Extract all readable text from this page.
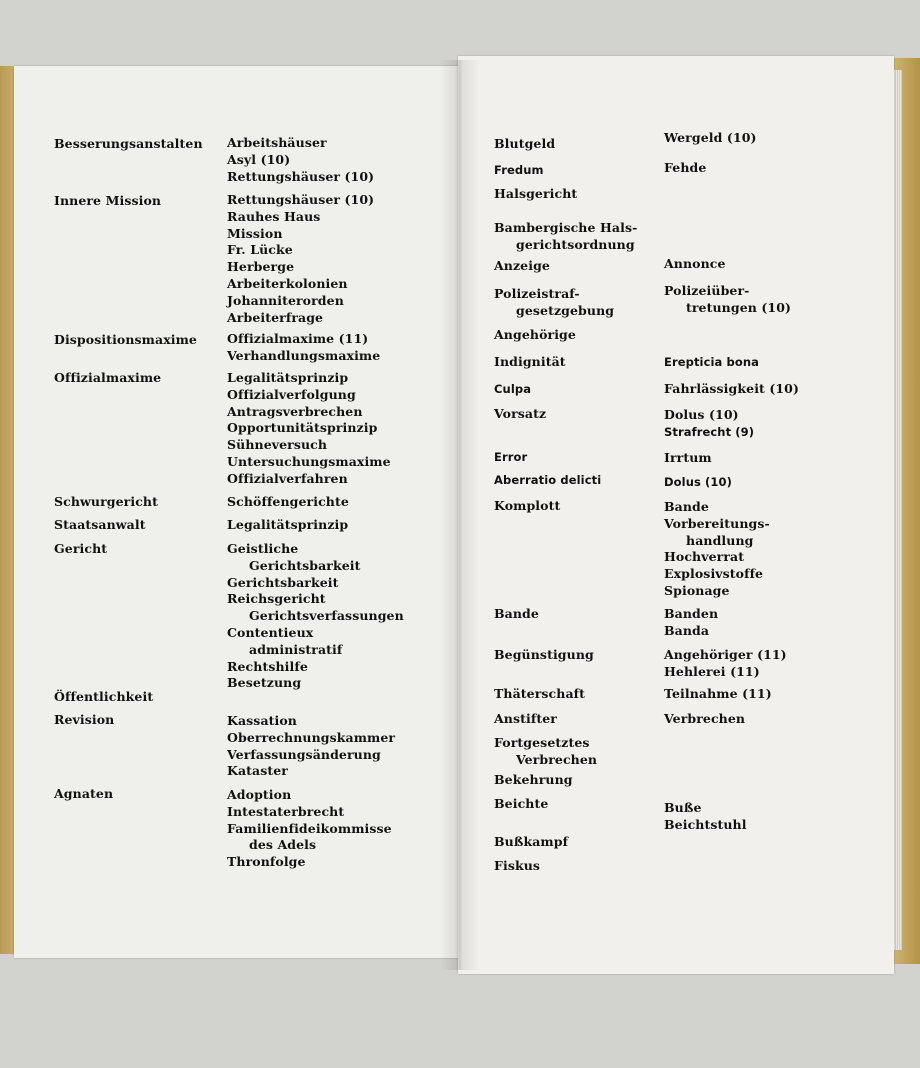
Besserungsanstalten
Innere Mission
Dispositionsmaxime
Offizialmaxime
Schwurgericht
Staatsanwalt
Gericht
Öffentlichkeit
Revision
Agnaten
Arbeitshäuser
Asyl (10)
Rettungshäuser (10)
Rettungshäuser (10)
Rauhes Haus
Mission
Fr. Lücke
Herberge
Arbeiterkolonien
Johanniterorden
Arbeiterfrage
Offizialmaxime (11)
Verhandlungsmaxime
Legalitätsprinzip
Offizialverfolgung
Antragsverbrechen
Opportunitätsprinzip
Sühneversuch
Untersuchungsmaxime
Offizialverfahren
Schöffengerichte
Legalitätsprinzip
Geistliche
Gerichtsbarkeit
Gerichtsbarkeit
Reichsgericht
Gerichtsverfassungen
Contentieux
administratif
Rechtshilfe
Besetzung
Kassation
Oberrechnungskammer
Verfassungsänderung
Kataster
Adoption
Intestaterbrecht
Familienfideikommisse
des Adels
Thronfolge
Blutgeld
Fredum
Halsgericht
Bambergische Hals-
gerichtsordnung
Anzeige
Polizeistraf-
gesetzgebung
Angehörige
Indignität
Culpa
Vorsatz
Error
Aberratio delicti
Komplott
Bande
Begünstigung
Thäterschaft
Anstifter
Fortgesetztes
Verbrechen
Bekehrung
Beichte
Bußkampf
Fiskus
Wergeld (10)
Fehde
Annonce
Polizeiüber-
tretungen (10)
Erepticia bona
Fahrlässigkeit (10)
Dolus (10)
Strafrecht (9)
Irrtum
Dolus (10)
Bande
Vorbereitungs-
handlung
Hochverrat
Explosivstoffe
Spionage
Banden
Banda
Angehöriger (11)
Hehlerei (11)
Teilnahme (11)
Verbrechen
Buße
Beichtstuhl
